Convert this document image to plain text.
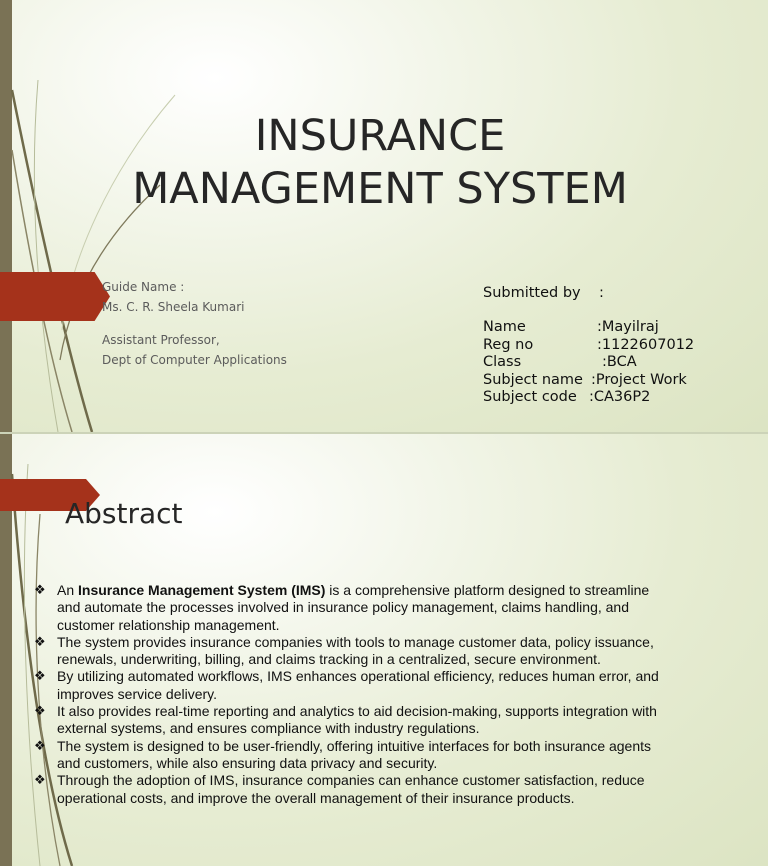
INSURANCE
MANAGEMENT SYSTEM
Guide Name :
Ms. C. R. Sheela Kumari
Assistant Professor,
Dept of Computer Applications
Submitted by	:
Name	:Mayilraj
Reg no	:1122607012
Class	:BCA
Subject name :Project Work
Subject code :CA36P2
Abstract
❖ An Insurance Management System (IMS) is a comprehensive platform designed to streamline and automate the processes involved in insurance policy management, claims handling, and customer relationship management.
❖ The system provides insurance companies with tools to manage customer data, policy issuance, renewals, underwriting, billing, and claims tracking in a centralized, secure environment.
❖ By utilizing automated workflows, IMS enhances operational efficiency, reduces human error, and improves service delivery.
❖ It also provides real-time reporting and analytics to aid decision-making, supports integration with external systems, and ensures compliance with industry regulations.
❖ The system is designed to be user-friendly, offering intuitive interfaces for both insurance agents and customers, while also ensuring data privacy and security.
❖ Through the adoption of IMS, insurance companies can enhance customer satisfaction, reduce operational costs, and improve the overall management of their insurance products.
